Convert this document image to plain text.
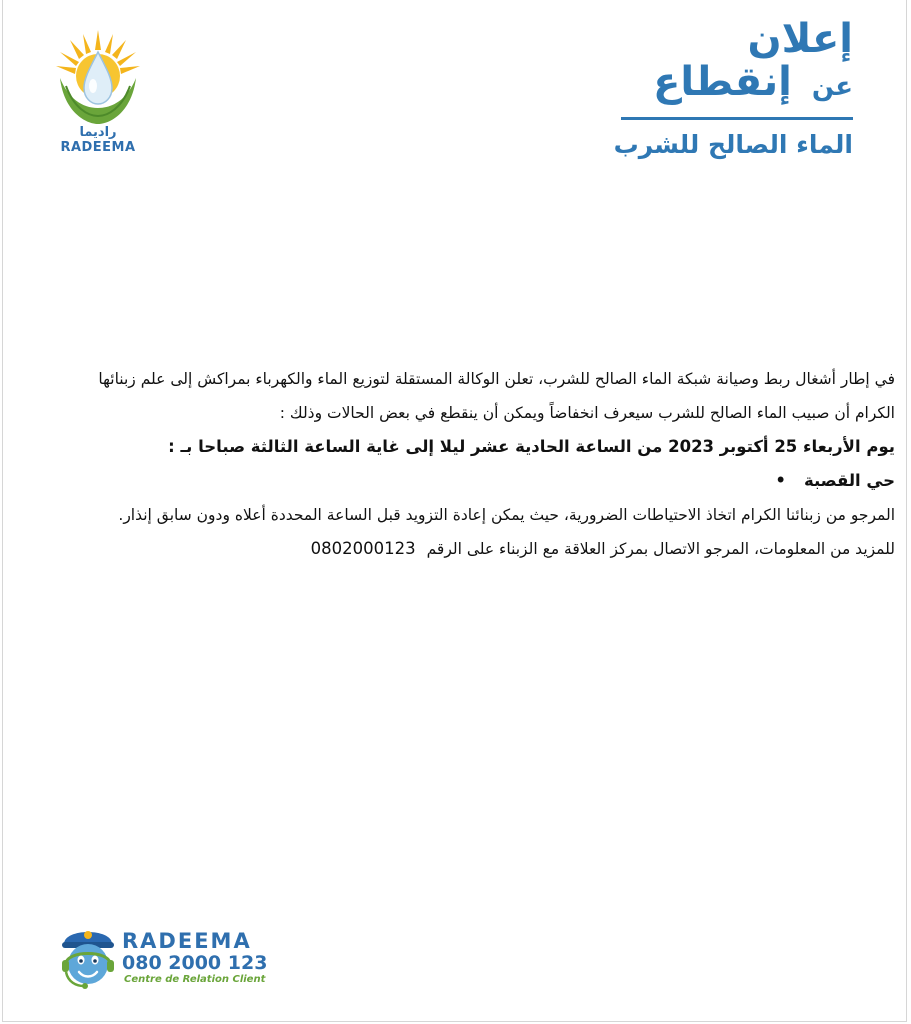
راديما
RADEEMA

إعلان

عن إنقطاع

الماء الصالح للشرب

في إطار أشغال ربط وصيانة شبكة الماء الصالح للشرب، تعلن الوكالة المستقلة لتوزيع الماء والكهرباء بمراكش إلى علم زبنائها

الكرام أن صبيب الماء الصالح للشرب سيعرف انخفاضاً ويمكن أن ينقطع في بعض الحالات وذلك :

يوم الأربعاء 25 أكتوبر 2023 من الساعة الحادية عشر ليلا إلى غاية الساعة الثالثة صباحا بـ :

حي القصبة•

المرجو من زبنائنا الكرام اتخاذ الاحتياطات الضرورية، حيث يمكن إعادة التزويد قبل الساعة المحددة أعلاه ودون سابق إنذار.

للمزيد من المعلومات، المرجو الاتصال بمركز العلاقة مع الزبناء على الرقم 0802000123

RADEEMA
080 2000 123
Centre de Relation Client
